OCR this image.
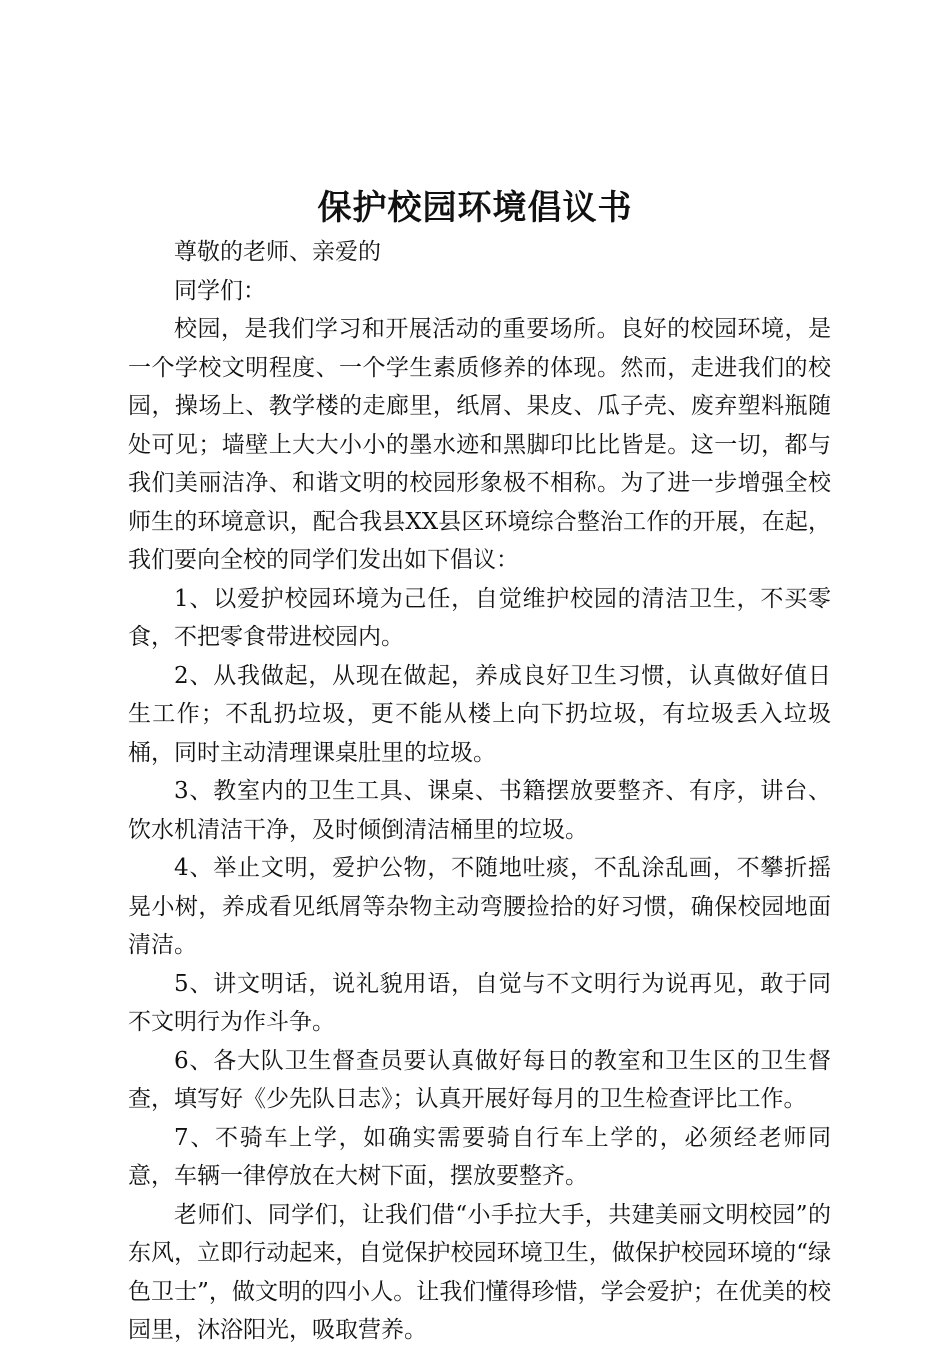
保护校园环境倡议书

尊敬的老师、亲爱的

同学们：

校园，是我们学习和开展活动的重要场所。良好的校园环境，是一个学校文明程度、一个学生素质修养的体现。然而，走进我们的校园，操场上、教学楼的走廊里，纸屑、果皮、瓜子壳、废弃塑料瓶随处可见；墙壁上大大小小的墨水迹和黑脚印比比皆是。这一切，都与我们美丽洁净、和谐文明的校园形象极不相称。为了进一步增强全校师生的环境意识，配合我县XX县区环境综合整治工作的开展，在起，我们要向全校的同学们发出如下倡议：

1、以爱护校园环境为己任，自觉维护校园的清洁卫生，不买零食，不把零食带进校园内。

2、从我做起，从现在做起，养成良好卫生习惯，认真做好值日生工作；不乱扔垃圾，更不能从楼上向下扔垃圾，有垃圾丢入垃圾桶，同时主动清理课桌肚里的垃圾。

3、教室内的卫生工具、课桌、书籍摆放要整齐、有序，讲台、饮水机清洁干净，及时倾倒清洁桶里的垃圾。

4、举止文明，爱护公物，不随地吐痰，不乱涂乱画，不攀折摇晃小树，养成看见纸屑等杂物主动弯腰捡拾的好习惯，确保校园地面清洁。

5、讲文明话，说礼貌用语，自觉与不文明行为说再见，敢于同不文明行为作斗争。

6、各大队卫生督查员要认真做好每日的教室和卫生区的卫生督查，填写好《少先队日志》；认真开展好每月的卫生检查评比工作。

7、不骑车上学，如确实需要骑自行车上学的，必须经老师同意，车辆一律停放在大树下面，摆放要整齐。

老师们、同学们，让我们借“小手拉大手，共建美丽文明校园”的东风，立即行动起来，自觉保护校园环境卫生，做保护校园环境的“绿色卫士”，做文明的四小人。让我们懂得珍惜，学会爱护；在优美的校园里，沐浴阳光，吸取营养。
